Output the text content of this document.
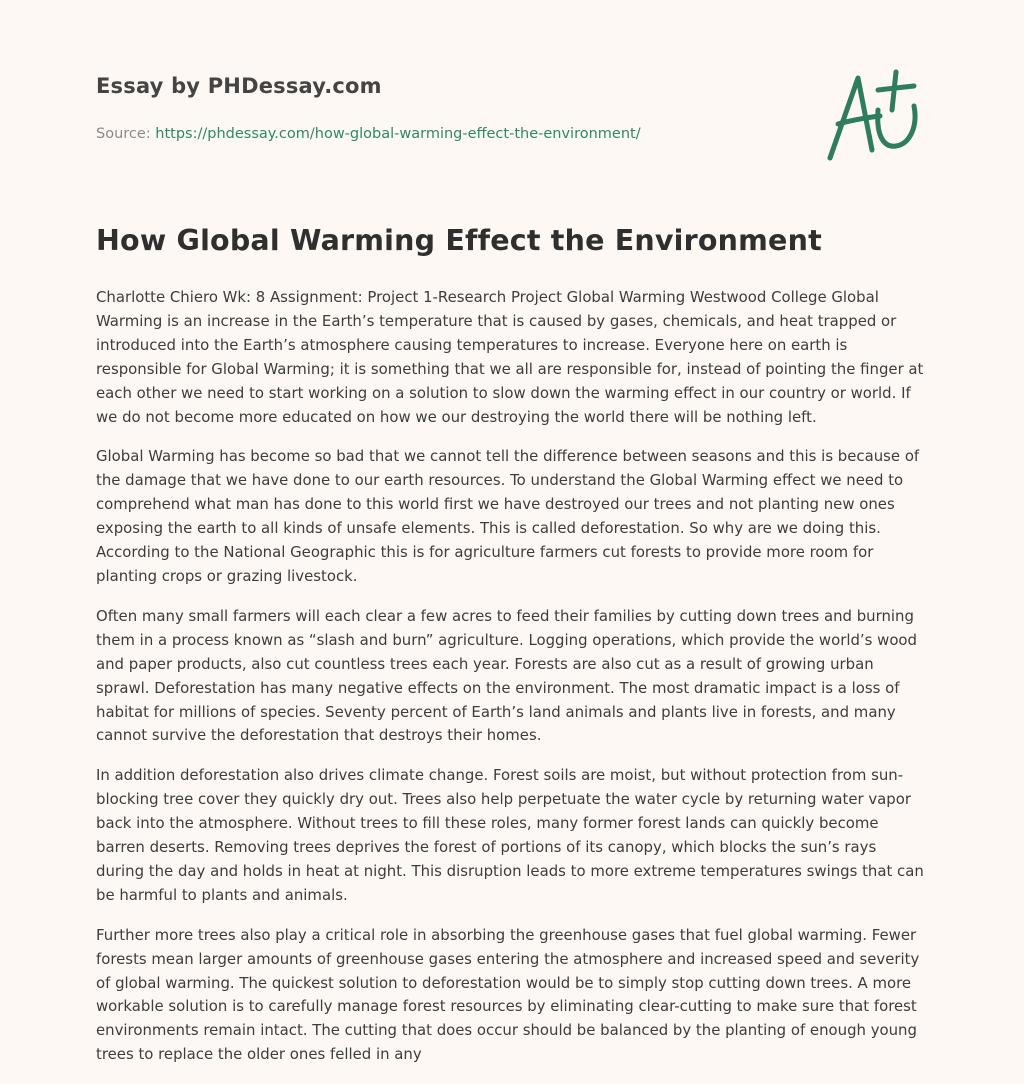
Essay by PHDessay.com
Source: https://phdessay.com/how-global-warming-effect-the-environment/
How Global Warming Effect the Environment

Charlotte Chiero Wk: 8 Assignment: Project 1-Research Project Global Warming Westwood College Global Warming is an increase in the Earth’s temperature that is caused by gases, chemicals, and heat trapped or introduced into the Earth’s atmosphere causing temperatures to increase. Everyone here on earth is responsible for Global Warming; it is something that we all are responsible for, instead of pointing the finger at each other we need to start working on a solution to slow down the warming effect in our country or world. If we do not become more educated on how we our destroying the world there will be nothing left.

Global Warming has become so bad that we cannot tell the difference between seasons and this is because of the damage that we have done to our earth resources. To understand the Global Warming effect we need to comprehend what man has done to this world first we have destroyed our trees and not planting new ones exposing the earth to all kinds of unsafe elements. This is called deforestation. So why are we doing this. According to the National Geographic this is for agriculture farmers cut forests to provide more room for planting crops or grazing livestock.

Often many small farmers will each clear a few acres to feed their families by cutting down trees and burning them in a process known as “slash and burn” agriculture. Logging operations, which provide the world’s wood and paper products, also cut countless trees each year. Forests are also cut as a result of growing urban sprawl. Deforestation has many negative effects on the environment. The most dramatic impact is a loss of habitat for millions of species. Seventy percent of Earth’s land animals and plants live in forests, and many cannot survive the deforestation that destroys their homes.

In addition deforestation also drives climate change. Forest soils are moist, but without protection from sun-blocking tree cover they quickly dry out. Trees also help perpetuate the water cycle by returning water vapor back into the atmosphere. Without trees to fill these roles, many former forest lands can quickly become barren deserts. Removing trees deprives the forest of portions of its canopy, which blocks the sun’s rays during the day and holds in heat at night. This disruption leads to more extreme temperatures swings that can be harmful to plants and animals.

Further more trees also play a critical role in absorbing the greenhouse gases that fuel global warming. Fewer forests mean larger amounts of greenhouse gases entering the atmosphere and increased speed and severity of global warming. The quickest solution to deforestation would be to simply stop cutting down trees. A more workable solution is to carefully manage forest resources by eliminating clear-cutting to make sure that forest environments remain intact. The cutting that does occur should be balanced by the planting of enough young trees to replace the older ones felled in any
